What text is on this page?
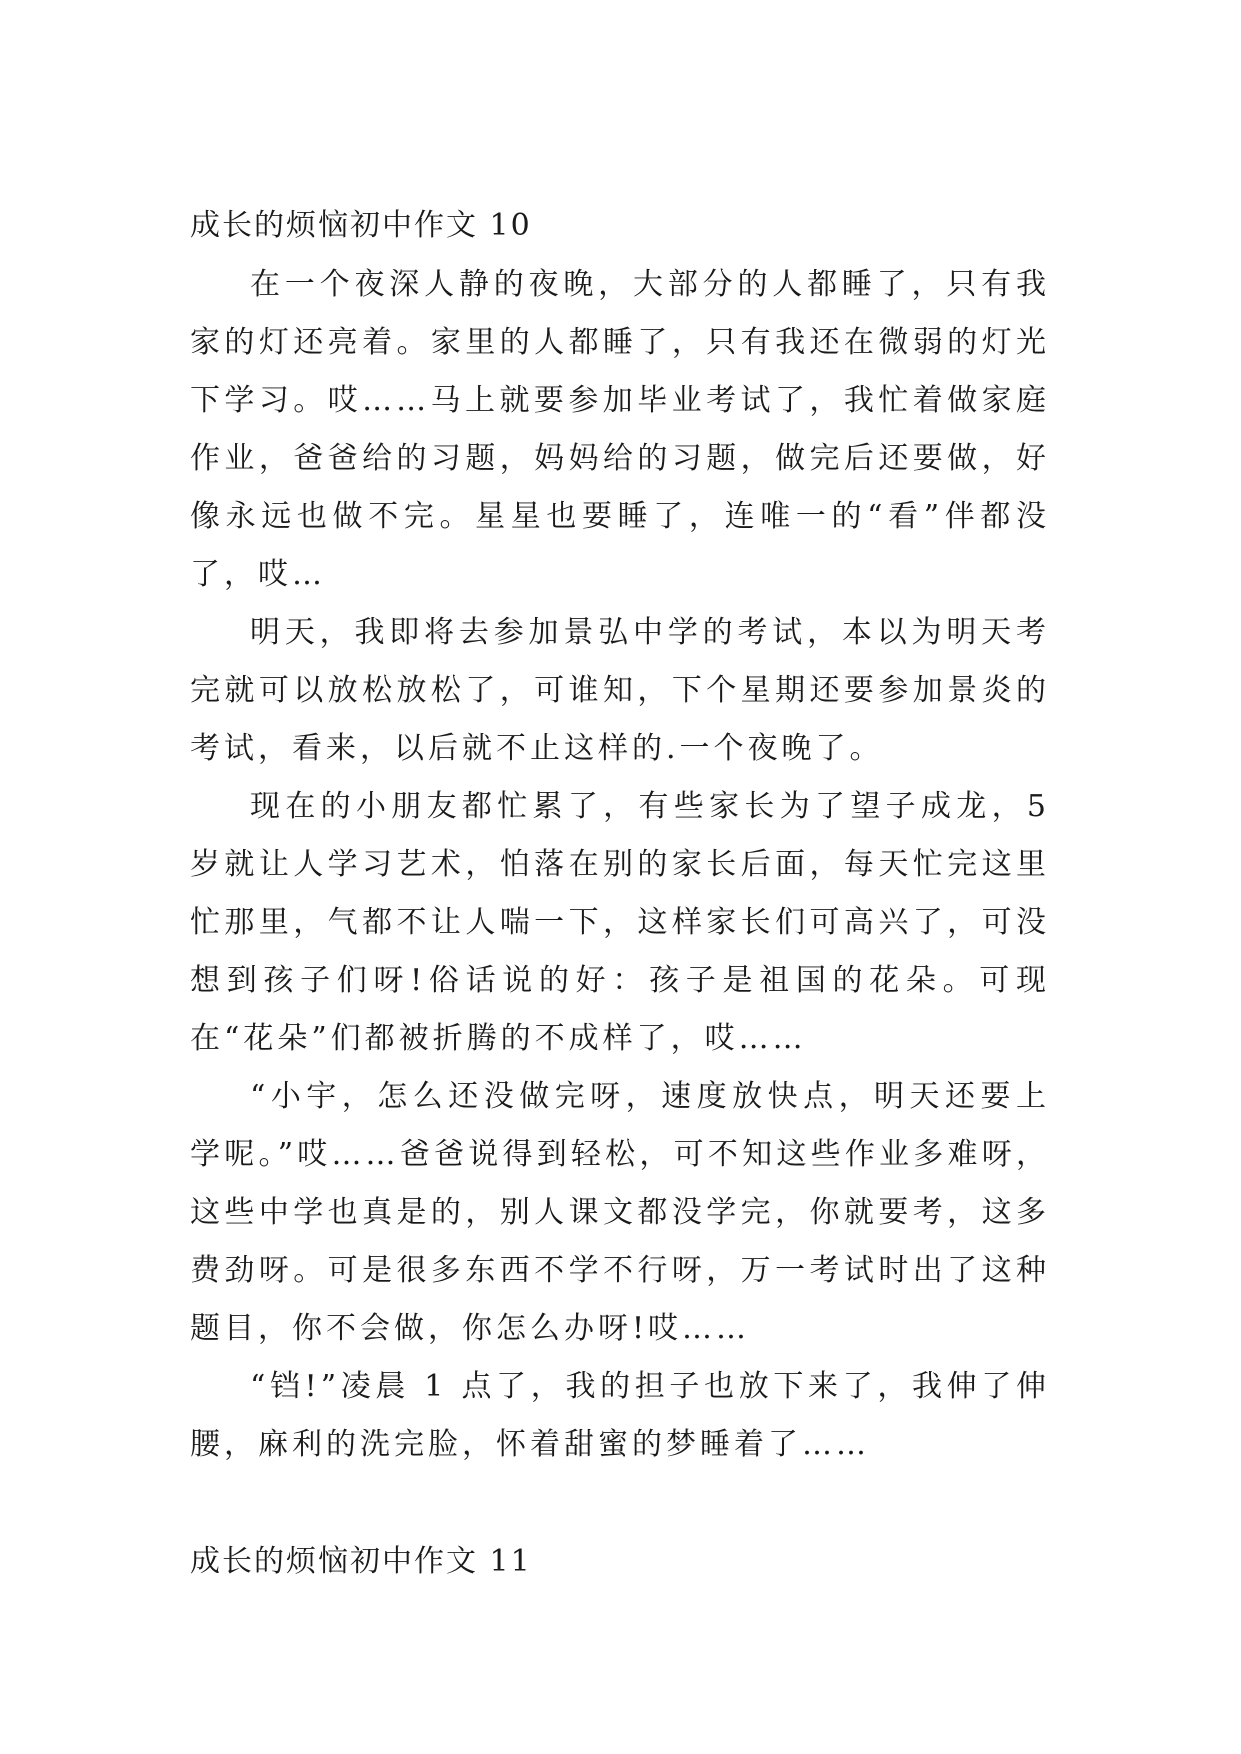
成长的烦恼初中作文 10

在一个夜深人静的夜晚，大部分的人都睡了，只有我家的灯还亮着。家里的人都睡了，只有我还在微弱的灯光下学习。哎……马上就要参加毕业考试了，我忙着做家庭作业，爸爸给的习题，妈妈给的习题，做完后还要做，好像永远也做不完。星星也要睡了，连唯一的“看”伴都没了，哎…

明天，我即将去参加景弘中学的考试，本以为明天考完就可以放松放松了，可谁知，下个星期还要参加景炎的考试，看来，以后就不止这样的.一个夜晚了。

现在的小朋友都忙累了，有些家长为了望子成龙，5 岁就让人学习艺术，怕落在别的家长后面，每天忙完这里忙那里，气都不让人喘一下，这样家长们可高兴了，可没想到孩子们呀!俗话说的好：孩子是祖国的花朵。可现在“花朵”们都被折腾的不成样了，哎……

“小宇，怎么还没做完呀，速度放快点，明天还要上学呢。”哎……爸爸说得到轻松，可不知这些作业多难呀，这些中学也真是的，别人课文都没学完，你就要考，这多费劲呀。可是很多东西不学不行呀，万一考试时出了这种题目，你不会做，你怎么办呀!哎……

“铛!”凌晨 1 点了，我的担子也放下来了，我伸了伸腰，麻利的洗完脸，怀着甜蜜的梦睡着了……

成长的烦恼初中作文 11
